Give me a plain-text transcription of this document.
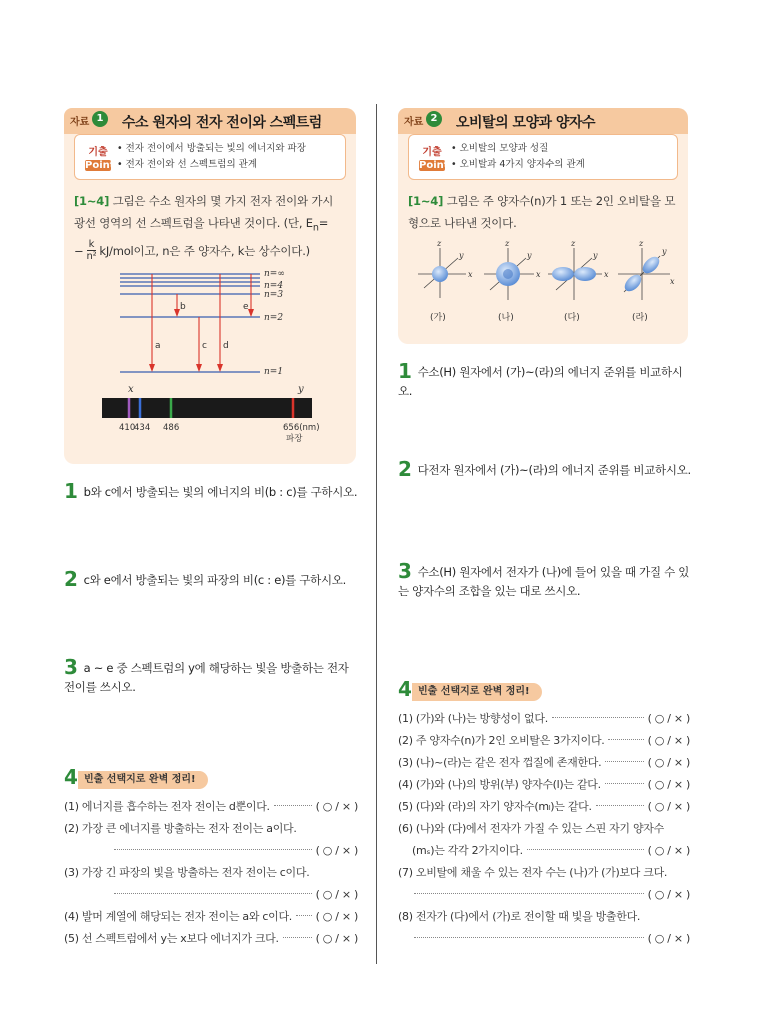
자료 1	수소 원자의 전자 전이와 스펙트럼
기출
Point
• 전자 전이에서 방출되는 빛의 에너지와 파장
• 전자 전이와 선 스펙트럼의 관계
[1~4] 그림은 수소 원자의 몇 가지 전자 전이와 가시
광선 영역의 선 스펙트럼을 나타낸 것이다. (단, $E_n=$
− $\frac{k}{\text{n²}} kJ/mol$이고, n은 주 양자수, k는 상수이다.)
n=∞
n=4
n=3
n=2
n=1
a
b
c d
e
x	y
410
434 486	656(nm)
파장
1 b와 c에서 방출되는 빛의 에너지의 비(b : c)를 구하시오.
2 c와 e에서 방출되는 빛의 파장의 비(c : e)를 구하시오.
3 a ~ e 중 스펙트럼의 y에 해당하는 빛을 방출하는 전자
전이를 쓰시오.
4 빈출 선택지로 완벽 정리!
(1) 에너지를 흡수하는 전자 전이는 d뿐이다.	( ○ / × )
(2) 가장 큰 에너지를 방출하는 전자 전이는 a이다.
( ○ / × )
(3) 가장 긴 파장의 빛을 방출하는 전자 전이는 c이다.
( ○ / × )
(4) 발머 계열에 해당되는 전자 전이는 a와 c이다. ( ○ / × )
(5) 선 스펙트럼에서 y는 x보다 에너지가 크다.	( ○ / × )
자료 2	오비탈의 모양과 양자수
기출
Point
• 오비탈의 모양과 성질
• 오비탈과 4가지 양자수의 관계
[1~4] 그림은 주 양자수(n)가 1 또는 2인 오비탈을 모
형으로 나타낸 것이다.
z
y
x
(가)
z
y
x
(나)
z
y
x
(다)
z
y
x
(라)
1 수소(H) 원자에서 (가)~(라)의 에너지 준위를 비교하시오.
2 다전자 원자에서 (가)~(라)의 에너지 준위를 비교하시오.
3 수소(H) 원자에서 전자가 (나)에 들어 있을 때 가질 수 있
는 양자수의 조합을 있는 대로 쓰시오.
4 빈출 선택지로 완벽 정리!
(1) (가)와 (나)는 방향성이 없다.	( ○ / × )
(2) 주 양자수(n)가 2인 오비탈은 3가지이다.	( ○ / × )
(3) (나)~(라)는 같은 전자 껍질에 존재한다.	( ○ / × )
(4) (가)와 (나)의 방위(부) 양자수(l)는 같다.	( ○ / × )
(5) (다)와 (라)의 자기 양자수(mₗ)는 같다.	( ○ / × )
(6) (나)와 (다)에서 전자가 가질 수 있는 스핀 자기 양자수
(mₛ)는 각각 2가지이다.	( ○ / × )
(7) 오비탈에 채울 수 있는 전자 수는 (나)가 (가)보다 크다.
( ○ / × )
(8) 전자가 (다)에서 (가)로 전이할 때 빛을 방출한다.
( ○ / × )
